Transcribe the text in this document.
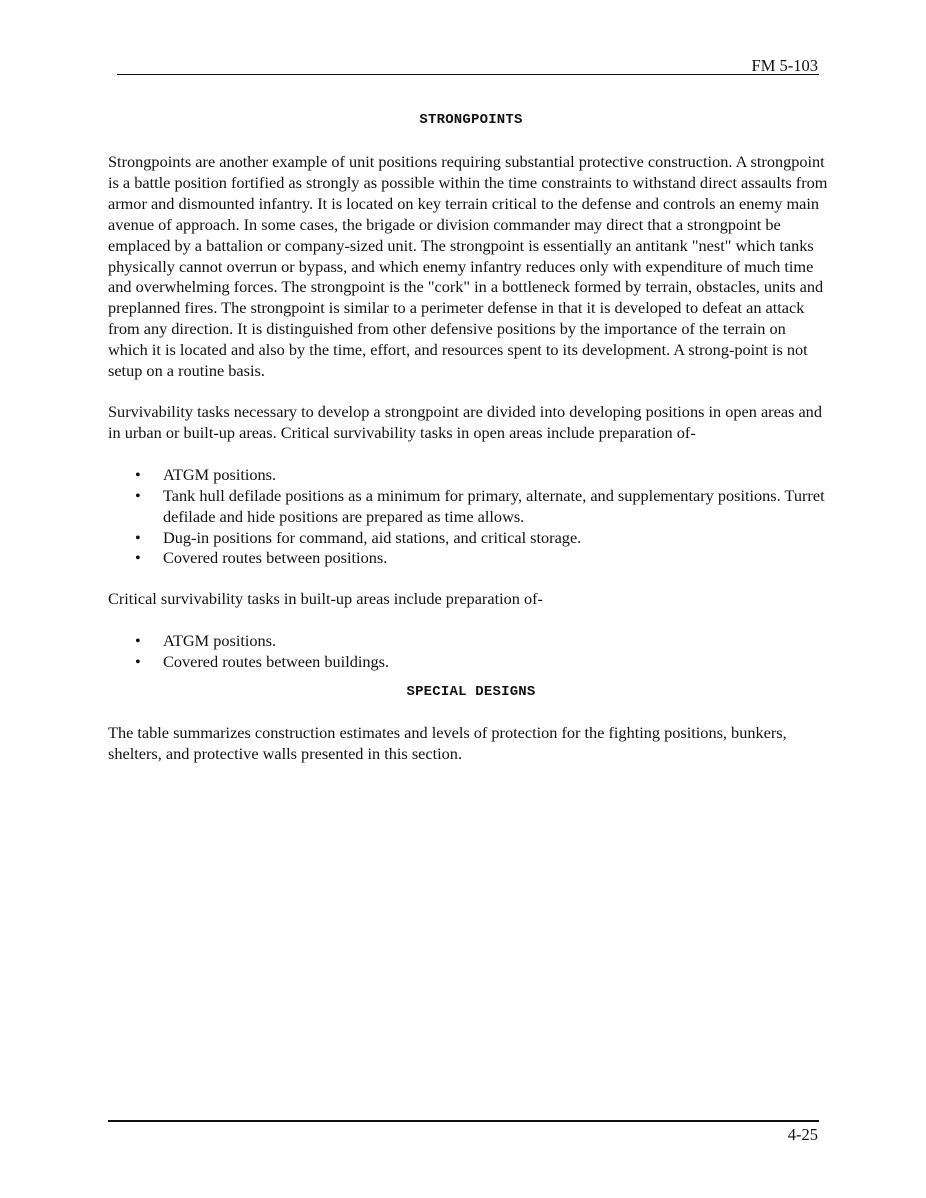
FM 5-103
STRONGPOINTS

Strongpoints are another example of unit positions requiring substantial protective construction. A strongpoint is a battle position fortified as strongly as possible within the time constraints to withstand direct assaults from armor and dismounted infantry. It is located on key terrain critical to the defense and controls an enemy main avenue of approach. In some cases, the brigade or division commander may direct that a strongpoint be emplaced by a battalion or company-sized unit. The strongpoint is essentially an antitank "nest" which tanks physically cannot overrun or bypass, and which enemy infantry reduces only with expenditure of much time and overwhelming forces. The strongpoint is the "cork" in a bottleneck formed by terrain, obstacles, units and preplanned fires. The strongpoint is similar to a perimeter defense in that it is developed to defeat an attack from any direction. It is distinguished from other defensive positions by the importance of the terrain on which it is located and also by the time, effort, and resources spent to its development. A strong-point is not setup on a routine basis.

Survivability tasks necessary to develop a strongpoint are divided into developing positions in open areas and in urban or built-up areas. Critical survivability tasks in open areas include preparation of-

• ATGM positions.
• Tank hull defilade positions as a minimum for primary, alternate, and supplementary positions. Turret defilade and hide positions are prepared as time allows.
• Dug-in positions for command, aid stations, and critical storage.
• Covered routes between positions.

Critical survivability tasks in built-up areas include preparation of-

• ATGM positions.
• Covered routes between buildings.
SPECIAL DESIGNS

The table summarizes construction estimates and levels of protection for the fighting positions, bunkers, shelters, and protective walls presented in this section.

4-25
